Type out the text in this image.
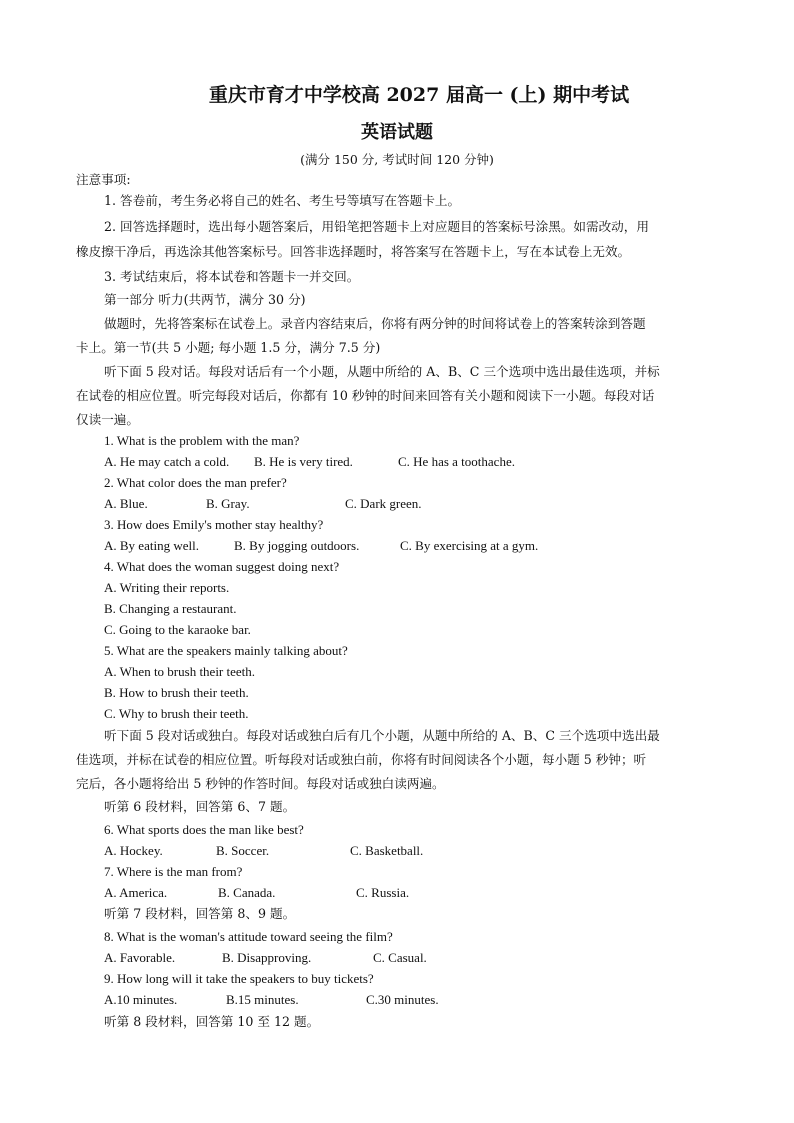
重庆市育才中学校高 2027 届高一 (上) 期中考试
英语试题
(满分 150 分, 考试时间 120 分钟)
注意事项:
1. 答卷前，考生务必将自己的姓名、考生号等填写在答题卡上。
2. 回答选择题时，选出每小题答案后，用铅笔把答题卡上对应题目的答案标号涂黑。如需改动，用
橡皮擦干净后，再选涂其他答案标号。回答非选择题时，将答案写在答题卡上，写在本试卷上无效。
3. 考试结束后，将本试卷和答题卡一并交回。
第一部分 听力(共两节，满分 30 分)
做题时，先将答案标在试卷上。录音内容结束后，你将有两分钟的时间将试卷上的答案转涂到答题
卡上。第一节(共 5 小题; 每小题 1.5 分，满分 7.5 分)
听下面 5 段对话。每段对话后有一个小题，从题中所给的 A、B、C 三个选项中选出最佳选项，并标
在试卷的相应位置。听完每段对话后，你都有 10 秒钟的时间来回答有关小题和阅读下一小题。每段对话
仅读一遍。
1. What is the problem with the man?
A. He may catch a cold. B. He is very tired.	C. He has a toothache.
2. What color does the man prefer?
A. Blue.	B. Gray.	C. Dark green.
3. How does Emily's mother stay healthy?
A. By eating well.	B. By jogging outdoors.	C. By exercising at a gym.
4. What does the woman suggest doing next?
A. Writing their reports.
B. Changing a restaurant.
C. Going to the karaoke bar.
5. What are the speakers mainly talking about?
A. When to brush their teeth.
B. How to brush their teeth.
C. Why to brush their teeth.
听下面 5 段对话或独白。每段对话或独白后有几个小题，从题中所给的 A、B、C 三个选项中选出最
佳选项，并标在试卷的相应位置。听每段对话或独白前，你将有时间阅读各个小题，每小题 5 秒钟；听
完后，各小题将给出 5 秒钟的作答时间。每段对话或独白读两遍。
听第 6 段材料，回答第 6、7 题。
6. What sports does the man like best?
A. Hockey.	B. Soccer.	C. Basketball.
7. Where is the man from?
A. America.	B. Canada.	C. Russia.
听第 7 段材料，回答第 8、9 题。
8. What is the woman's attitude toward seeing the film?
A. Favorable.	B. Disapproving.	C. Casual.
9. How long will it take the speakers to buy tickets?
A.10 minutes.	B.15 minutes.	C.30 minutes.
听第 8 段材料，回答第 10 至 12 题。
